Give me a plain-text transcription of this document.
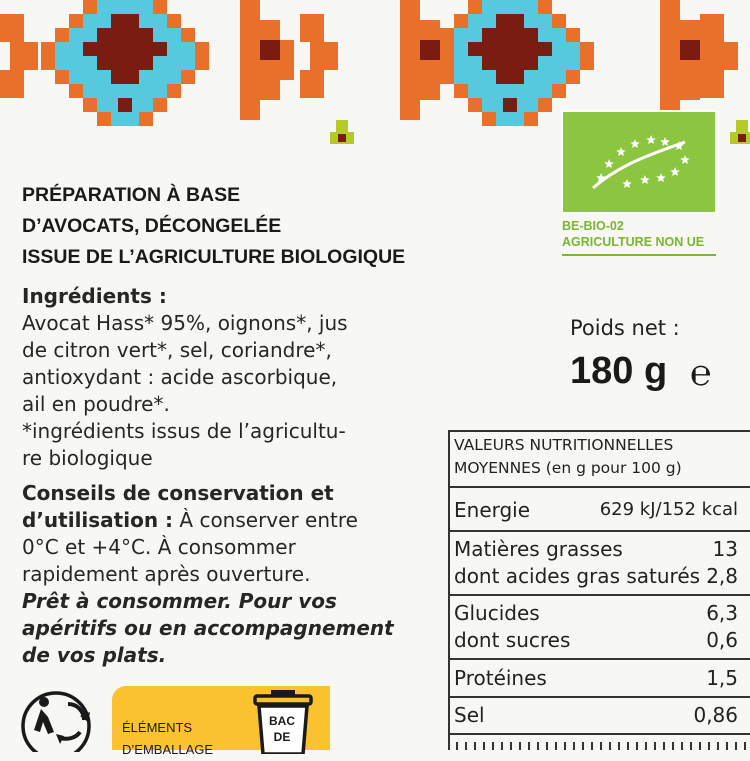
PRÉPARATION À BASE
D’AVOCATS, DÉCONGELÉE
ISSUE DE L’AGRICULTURE BIOLOGIQUE
Ingrédients :
Avocat Hass* 95%, oignons*, jus
de citron vert*, sel, coriandre*,
antioxydant : acide ascorbique,
ail en poudre*.
*ingrédients issus de l’agricultu-
re biologique
Conseils de conservation et
d’utilisation : À conserver entre
0°C et +4°C. À consommer
rapidement après ouverture.
Prêt à consommer. Pour vos
apéritifs ou en accompagnement
de vos plats.
BE-BIO-02
AGRICULTURE NON UE
Poids net :
180 g ℮
VALEURS NUTRITIONNELLES
MOYENNES (en g pour 100 g)
Energie	629 kJ/152 kcal
Matières grasses	13
dont acides gras saturés 2,8
Glucides	6,3
dont sucres	0,6
Protéines	1,5
Sel	0,86
ÉLÉMENTS
D’EMBALLAGE
BAC
DE
